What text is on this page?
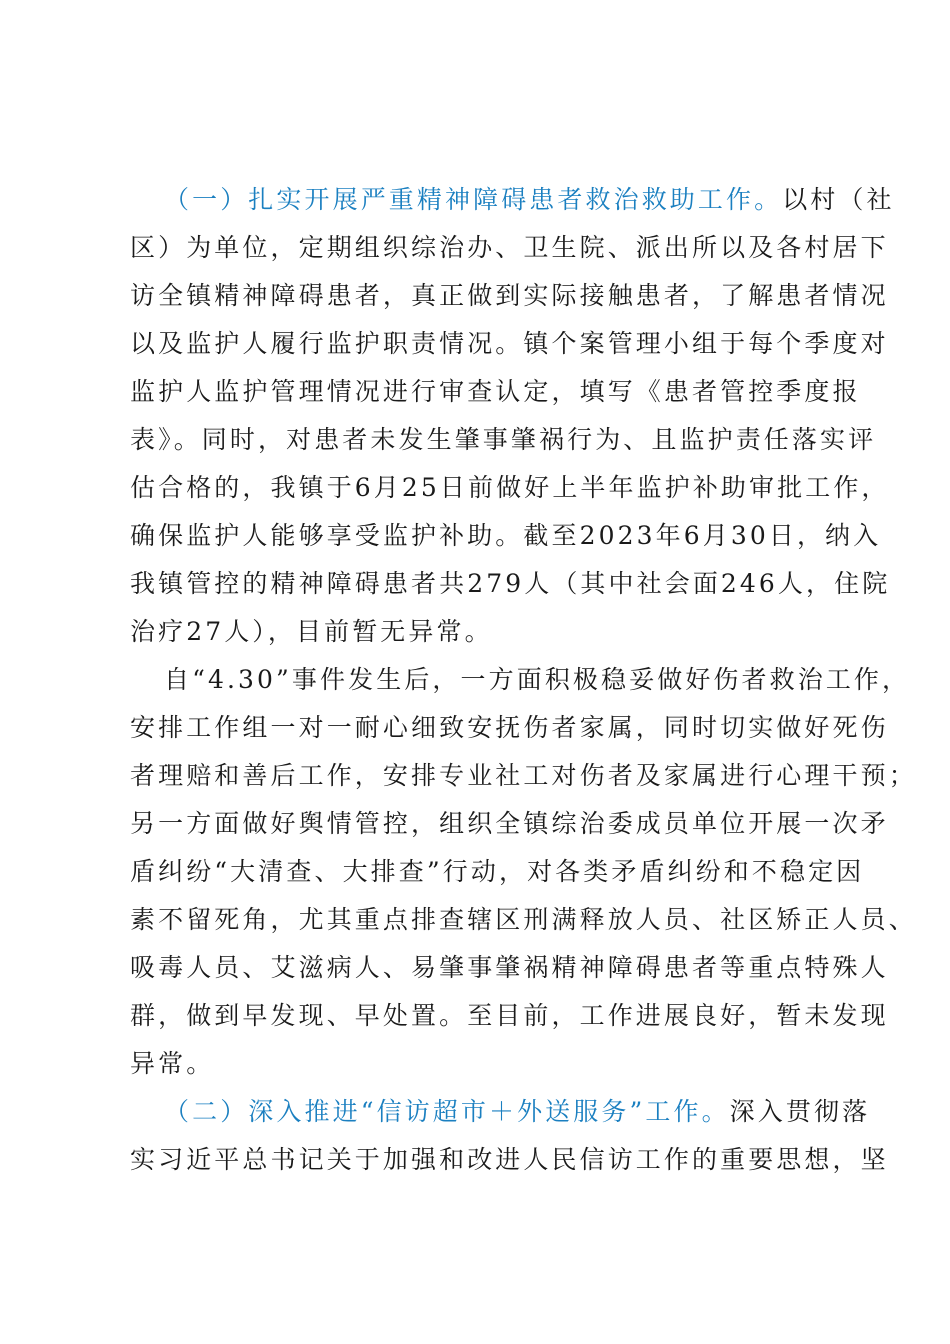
（一）扎实开展严重精神障碍患者救治救助工作。以村（社
区）为单位，定期组织综治办、卫生院、派出所以及各村居下
访全镇精神障碍患者，真正做到实际接触患者，了解患者情况
以及监护人履行监护职责情况。镇个案管理小组于每个季度对
监护人监护管理情况进行审查认定，填写《患者管控季度报
表》。同时，对患者未发生肇事肇祸行为、且监护责任落实评
估合格的，我镇于6月25日前做好上半年监护补助审批工作，
确保监护人能够享受监护补助。截至2023年6月30日，纳入
我镇管控的精神障碍患者共279人（其中社会面246人，住院
治疗27人），目前暂无异常。
自“4.30”事件发生后，一方面积极稳妥做好伤者救治工作，
安排工作组一对一耐心细致安抚伤者家属，同时切实做好死伤
者理赔和善后工作，安排专业社工对伤者及家属进行心理干预；
另一方面做好舆情管控，组织全镇综治委成员单位开展一次矛
盾纠纷“大清查、大排查”行动，对各类矛盾纠纷和不稳定因
素不留死角，尤其重点排查辖区刑满释放人员、社区矫正人员、
吸毒人员、艾滋病人、易肇事肇祸精神障碍患者等重点特殊人
群，做到早发现、早处置。至目前，工作进展良好，暂未发现
异常。
（二）深入推进“信访超市＋外送服务”工作。深入贯彻落
实习近平总书记关于加强和改进人民信访工作的重要思想，坚
